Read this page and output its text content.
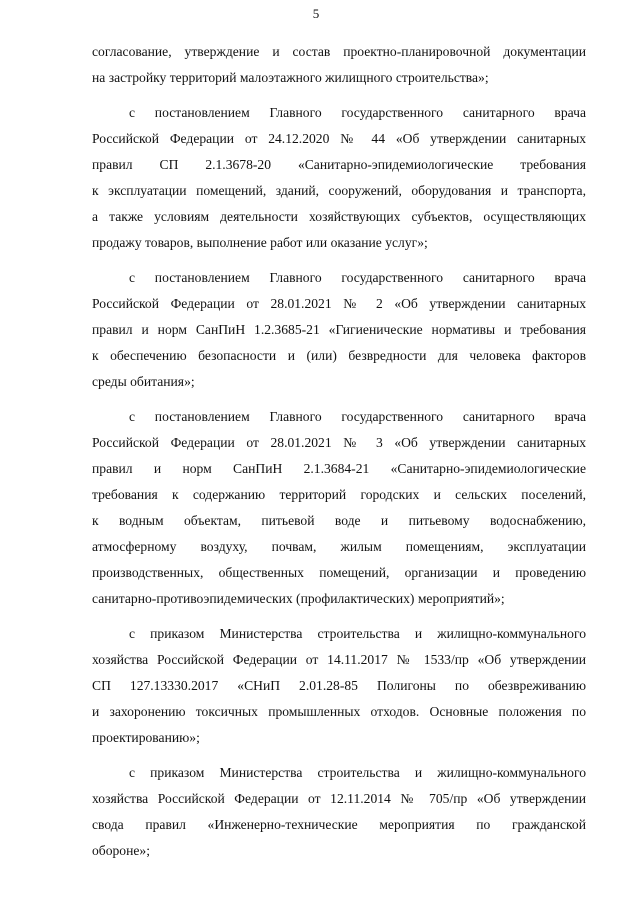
5
согласование, утверждение и состав проектно-планировочной документации
на застройку территорий малоэтажного жилищного строительства»;
с постановлением Главного государственного санитарного врача
Российской Федерации от 24.12.2020 № 44 «Об утверждении санитарных
правил СП 2.1.3678-20 «Санитарно-эпидемиологические требования
к эксплуатации помещений, зданий, сооружений, оборудования и транспорта,
а также условиям деятельности хозяйствующих субъектов, осуществляющих
продажу товаров, выполнение работ или оказание услуг»;
с постановлением Главного государственного санитарного врача
Российской Федерации от 28.01.2021 № 2 «Об утверждении санитарных
правил и норм СанПиН 1.2.3685-21 «Гигиенические нормативы и требования
к обеспечению безопасности и (или) безвредности для человека факторов
среды обитания»;
с постановлением Главного государственного санитарного врача
Российской Федерации от 28.01.2021 № 3 «Об утверждении санитарных
правил и норм СанПиН 2.1.3684-21 «Санитарно-эпидемиологические
требования к содержанию территорий городских и сельских поселений,
к водным объектам, питьевой воде и питьевому водоснабжению,
атмосферному воздуху, почвам, жилым помещениям, эксплуатации
производственных, общественных помещений, организации и проведению
санитарно-противоэпидемических (профилактических) мероприятий»;
с приказом Министерства строительства и жилищно-коммунального
хозяйства Российской Федерации от 14.11.2017 № 1533/пр «Об утверждении
СП 127.13330.2017 «СНиП 2.01.28-85 Полигоны по обезвреживанию
и захоронению токсичных промышленных отходов. Основные положения по
проектированию»;
с приказом Министерства строительства и жилищно-коммунального
хозяйства Российской Федерации от 12.11.2014 № 705/пр «Об утверждении
свода правил «Инженерно-технические мероприятия по гражданской
обороне»;
